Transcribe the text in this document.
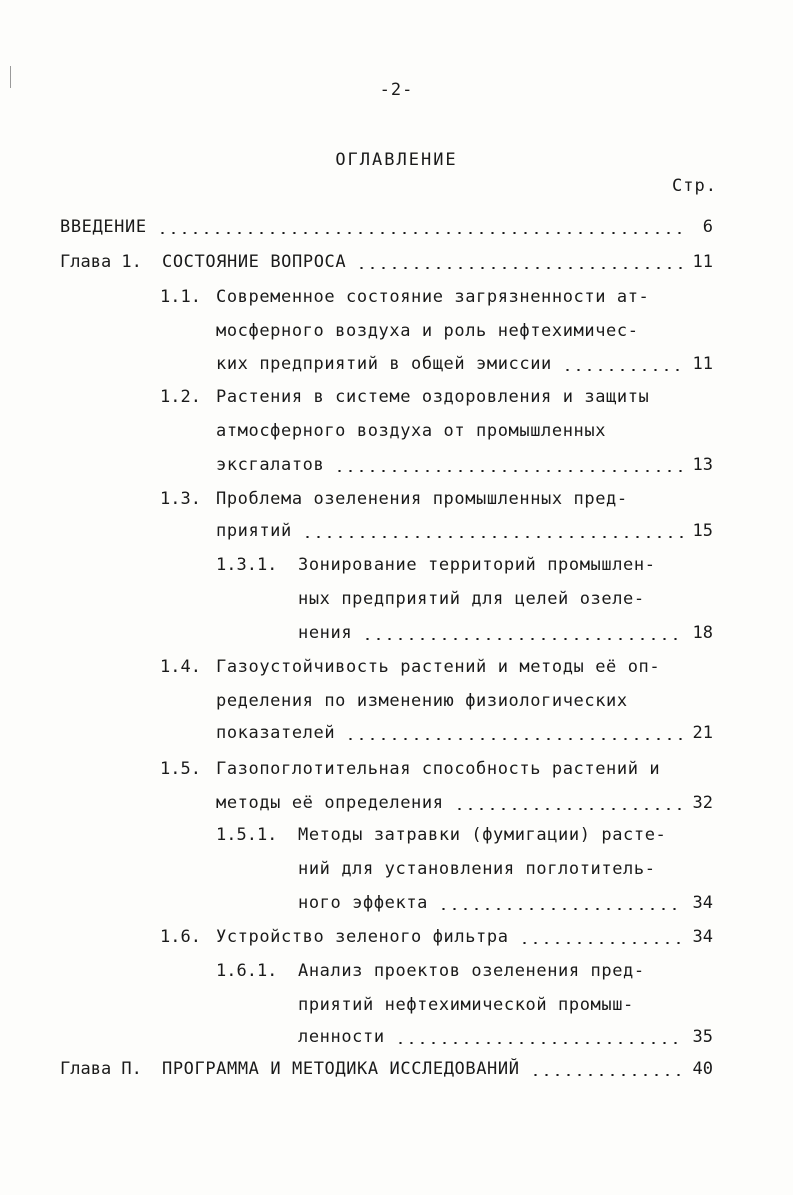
-2-
ОГЛАВЛЕНИЕ
Стр.
ВВЕДЕНИЕ	6
Глава 1. СОСТОЯНИЕ ВОПРОСА	11
1.1. Современное состояние загрязненности ат-
мосферного воздуха и роль нефтехимичес-
ких предприятий в общей эмиссии	11
1.2. Растения в системе оздоровления и защиты
атмосферного воздуха от промышленных
эксгалатов	13
1.3. Проблема озеленения промышленных пред-
приятий	15
1.3.1. Зонирование территорий промышлен-
ных предприятий для целей озеле-
нения	18
1.4. Газоустойчивость растений и методы её оп-
ределения по изменению физиологических
показателей	21
1.5. Газопоглотительная способность растений и
методы её определения	32
1.5.1. Методы затравки (фумигации) расте-
ний для установления поглотитель-
ного эффекта	34
1.6. Устройство зеленого фильтра	34
1.6.1. Анализ проектов озеленения пред-
приятий нефтехимической промыш-
ленности	35
Глава П. ПРОГРАММА И МЕТОДИКА ИССЛЕДОВАНИЙ	40
